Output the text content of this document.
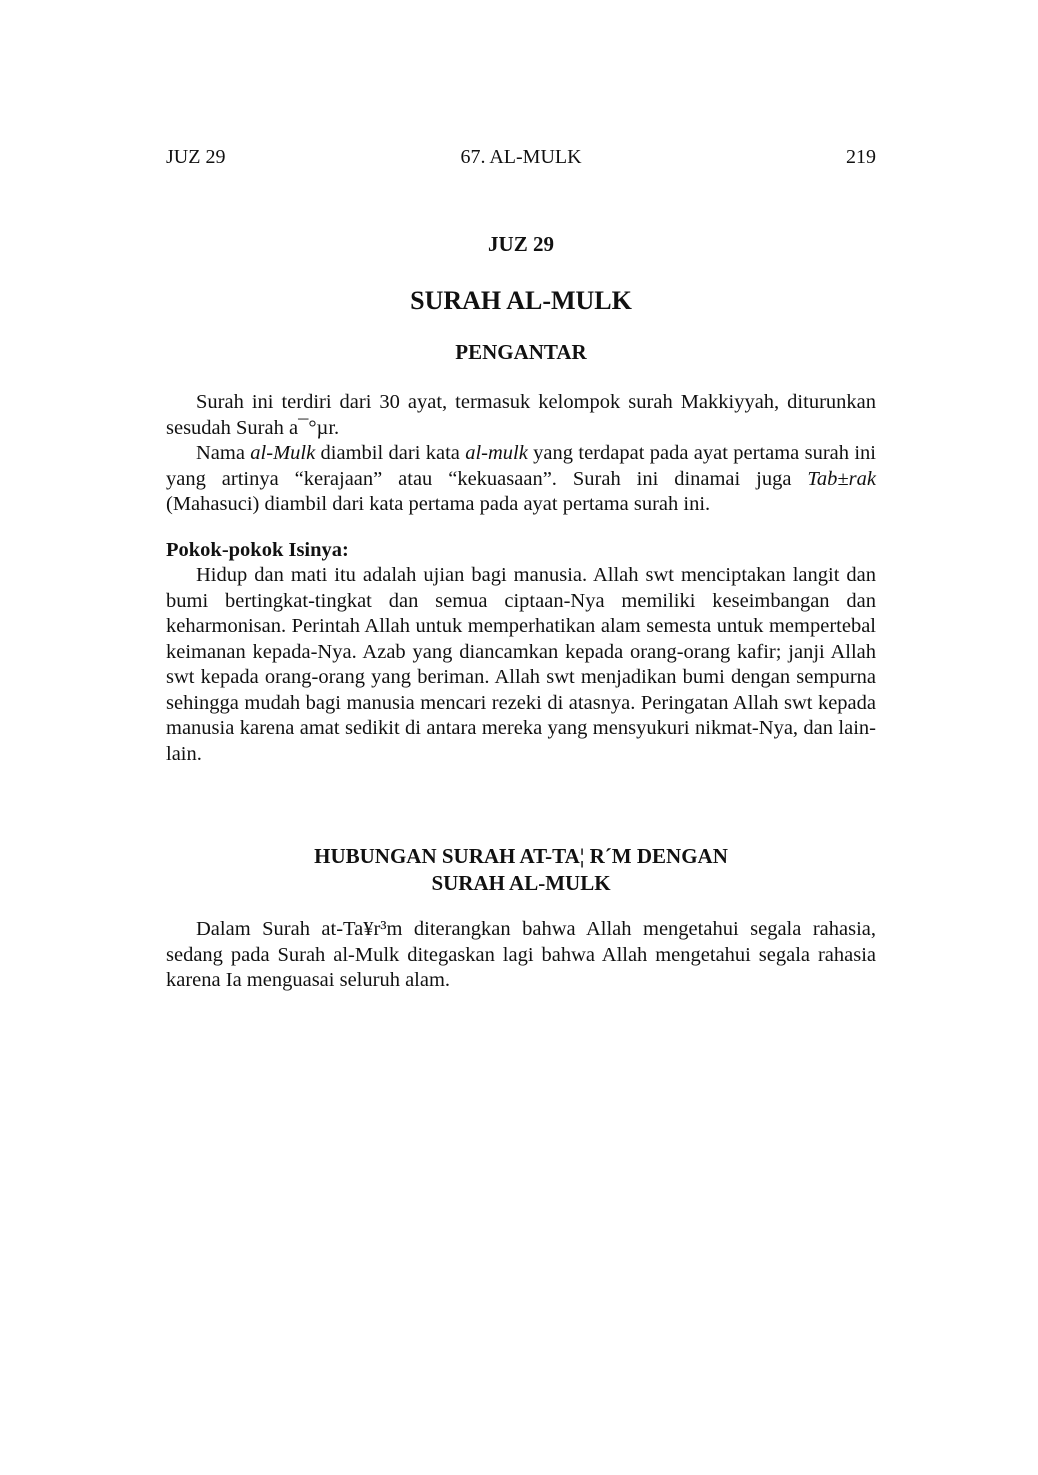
JUZ 29	67. AL-MULK	219
JUZ 29
SURAH AL-MULK
PENGANTAR

Surah ini terdiri dari 30 ayat, termasuk kelompok surah Makkiyyah, diturunkan sesudah Surah a¯°µr.

Nama al-Mulk diambil dari kata al-mulk yang terdapat pada ayat pertama surah ini yang artinya “kerajaan” atau “kekuasaan”. Surah ini dinamai juga Tab±rak (Mahasuci) diambil dari kata pertama pada ayat pertama surah ini.

Pokok-pokok Isinya:

Hidup dan mati itu adalah ujian bagi manusia. Allah swt menciptakan langit dan bumi bertingkat-tingkat dan semua ciptaan-Nya memiliki keseimbangan dan keharmonisan. Perintah Allah untuk memperhatikan alam semesta untuk mempertebal keimanan kepada-Nya. Azab yang diancamkan kepada orang-orang kafir; janji Allah swt kepada orang-orang yang beriman. Allah swt menjadikan bumi dengan sempurna sehingga mudah bagi manusia mencari rezeki di atasnya. Peringatan Allah swt kepada manusia karena amat sedikit di antara mereka yang mensyukuri nikmat-Nya, dan lain-lain.

HUBUNGAN SURAH AT-TA¦ R´M DENGAN
SURAH AL-MULK

Dalam Surah at-Ta¥r³m diterangkan bahwa Allah mengetahui segala rahasia, sedang pada Surah al-Mulk ditegaskan lagi bahwa Allah mengetahui segala rahasia karena Ia menguasai seluruh alam.
